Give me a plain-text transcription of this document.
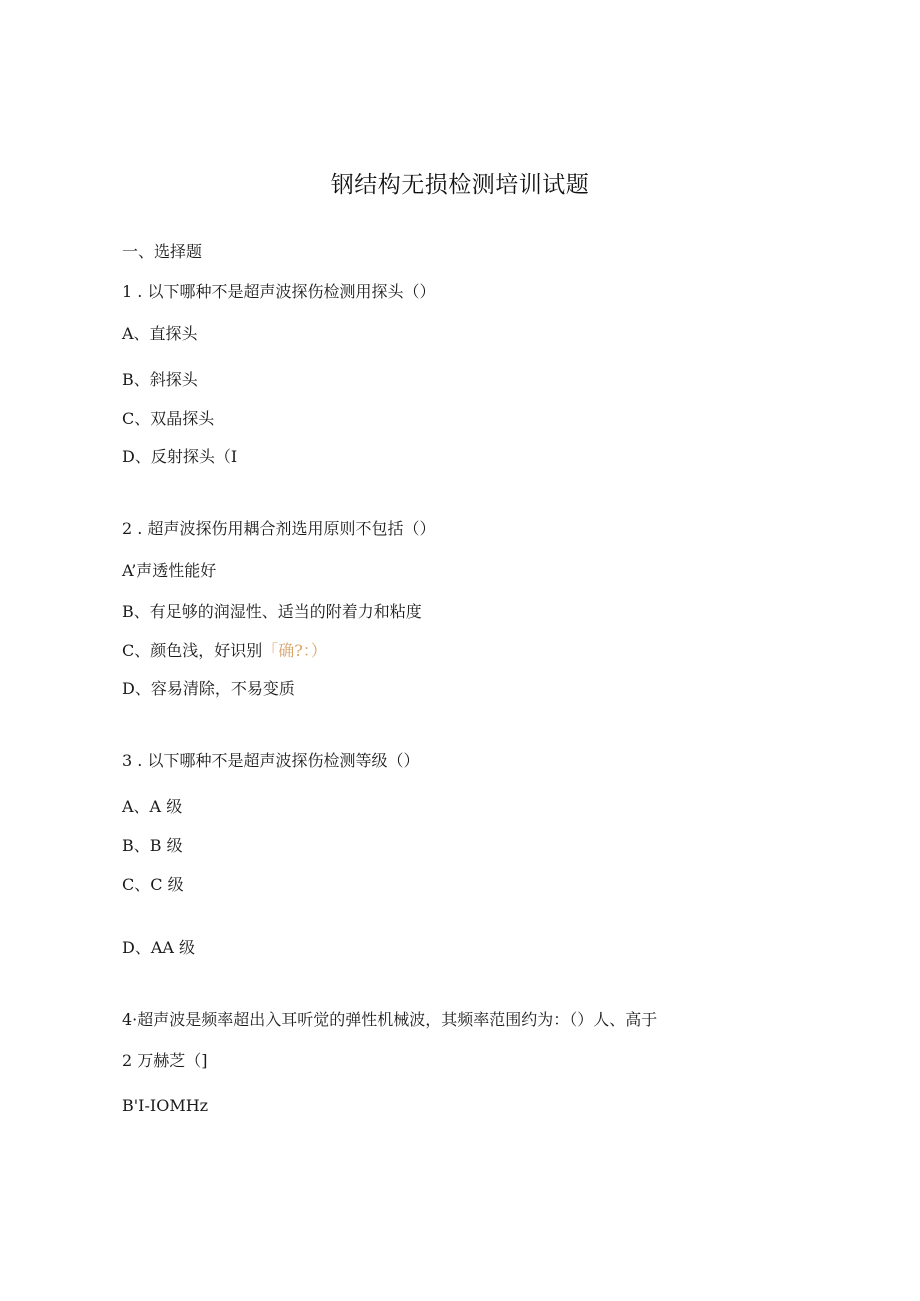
钢结构无损检测培训试题
一、选择题
1 . 以下哪种不是超声波探伤检测用探头（）
A、直探头
B、斜探头
C、双晶探头
D、反射探头（I
2 . 超声波探伤用耦合剂选用原则不包括（）
A’声透性能好
B、有足够的润湿性、适当的附着力和粘度
C、颜色浅，好识别「确?：）
D、容易清除，不易变质
3 . 以下哪种不是超声波探伤检测等级（）
A、A 级
B、B 级
C、C 级
D、AA 级
4·超声波是频率超出入耳听觉的弹性机械波，其频率范围约为：（）人、高于
2 万赫芝（]
B'I-IOMHz
